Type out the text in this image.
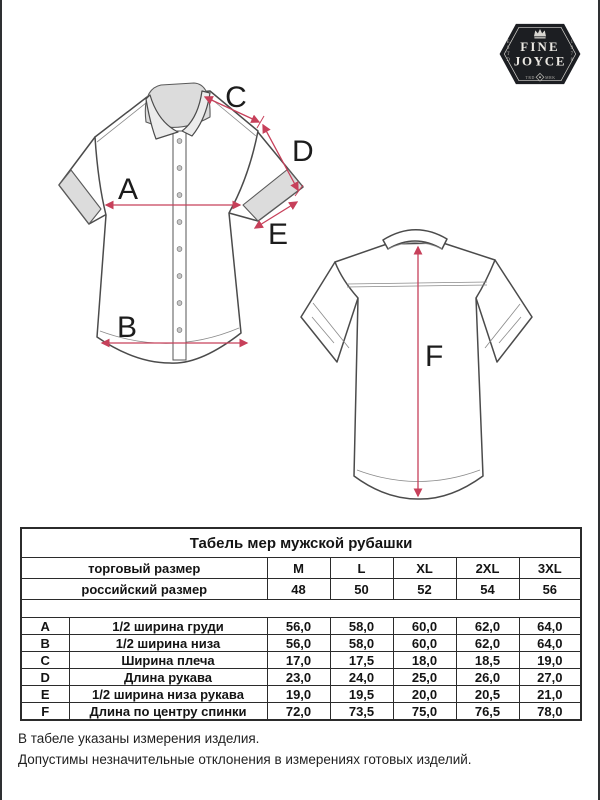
FINE
JOYCE
E
S
T
D
1
9
7
8
TRD MRK
A
B
C
D
E
F
Табель мер мужской рубашки						
торговый размер		M	L	XL	2XL	3XL
российский размер		48	50	52	54	56

A	1/2 ширина груди	56,0	58,0	60,0	62,0	64,0
B	1/2 ширина низа	56,0	58,0	60,0	62,0	64,0
C	Ширина плеча	17,0	17,5	18,0	18,5	19,0
D	Длина рукава	23,0	24,0	25,0	26,0	27,0
E	1/2 ширина низа рукава	19,0	19,5	20,0	20,5	21,0
F	Длина по центру спинки	72,0	73,5	75,0	76,5	78,0

В табеле указаны измерения изделия.

Допустимы незначительные отклонения в измерениях готовых изделий.
